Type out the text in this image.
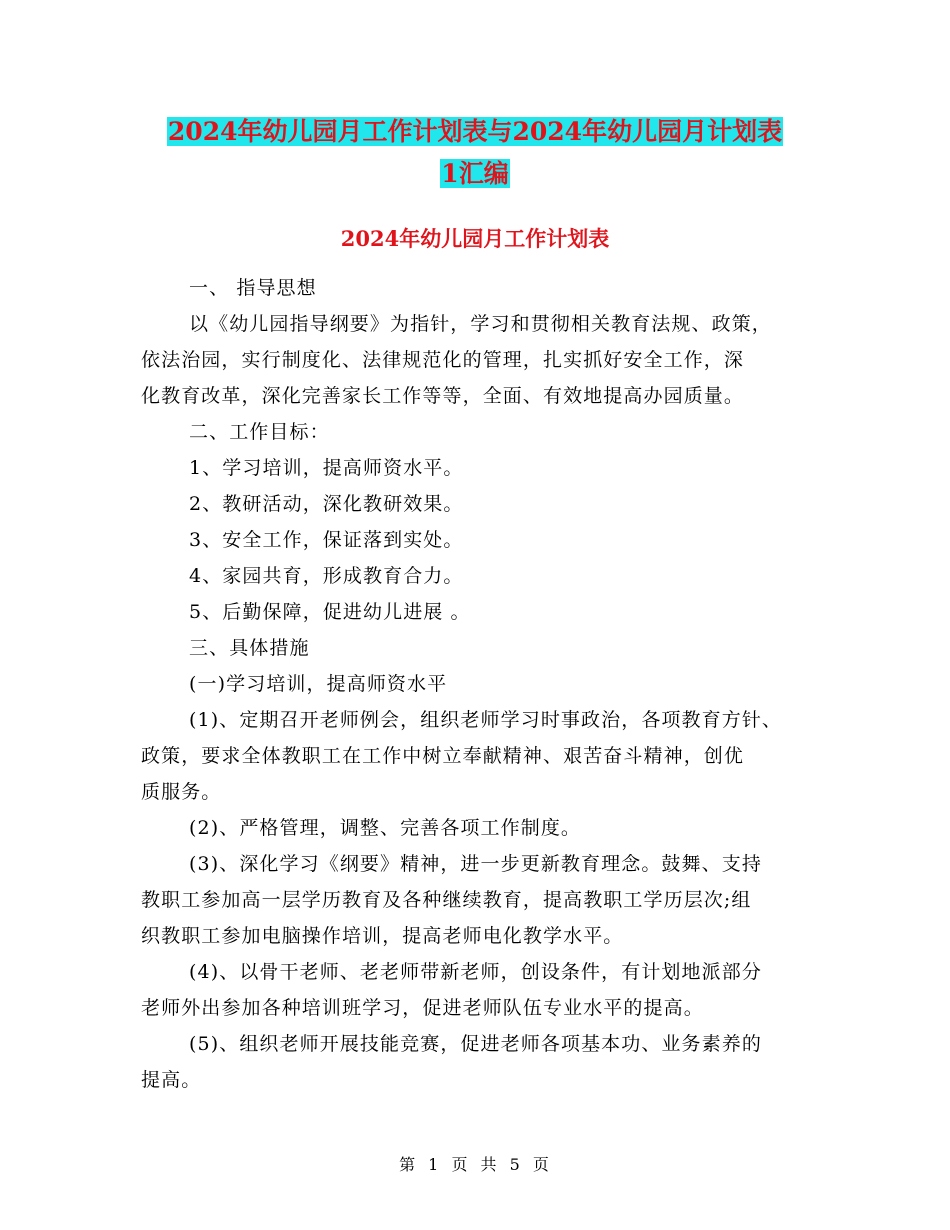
2024年幼儿园月工作计划表与2024年幼儿园月计划表
1汇编
2024年幼儿园月工作计划表
一、 指导思想
以《幼儿园指导纲要》为指针，学习和贯彻相关教育法规、政策，
依法治园，实行制度化、法律规范化的管理，扎实抓好安全工作，深
化教育改革，深化完善家长工作等等，全面、有效地提高办园质量。
二、工作目标：
1、学习培训，提高师资水平。
2、教研活动，深化教研效果。
3、安全工作，保证落到实处。
4、家园共育，形成教育合力。
5、后勤保障，促进幼儿进展 。
三、具体措施
(一)学习培训，提高师资水平
(1)、定期召开老师例会，组织老师学习时事政治，各项教育方针、
政策，要求全体教职工在工作中树立奉献精神、艰苦奋斗精神，创优
质服务。
(2)、严格管理，调整、完善各项工作制度。
(3)、深化学习《纲要》精神，进一步更新教育理念。鼓舞、支持
教职工参加高一层学历教育及各种继续教育，提高教职工学历层次;组
织教职工参加电脑操作培训，提高老师电化教学水平。
(4)、以骨干老师、老老师带新老师，创设条件，有计划地派部分
老师外出参加各种培训班学习，促进老师队伍专业水平的提高。
(5)、组织老师开展技能竞赛，促进老师各项基本功、业务素养的
提高。

第 1 页 共 5 页
